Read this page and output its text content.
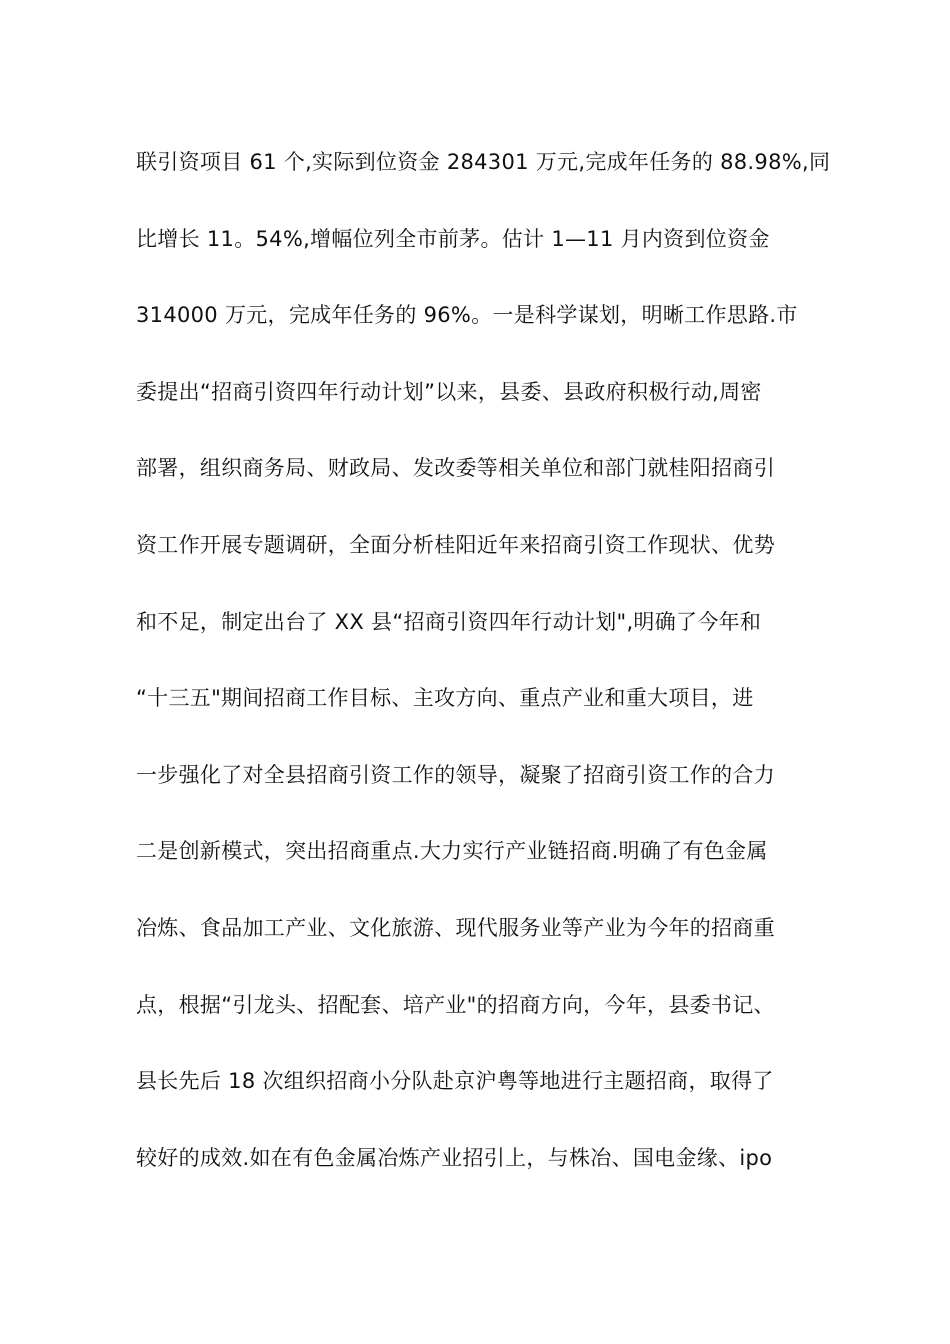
联引资项目 61 个,实际到位资金 284301 万元,完成年任务的 88.98%,同
比增长 11。54%,增幅位列全市前茅。估计 1—11 月内资到位资金
314000 万元，完成年任务的 96%。一是科学谋划，明晰工作思路.市
委提出“招商引资四年行动计划”以来，县委、县政府积极行动,周密
部署，组织商务局、财政局、发改委等相关单位和部门就桂阳招商引
资工作开展专题调研，全面分析桂阳近年来招商引资工作现状、优势
和不足，制定出台了 XX 县“招商引资四年行动计划",明确了今年和
“十三五"期间招商工作目标、主攻方向、重点产业和重大项目，进
一步强化了对全县招商引资工作的领导，凝聚了招商引资工作的合力
二是创新模式，突出招商重点.大力实行产业链招商.明确了有色金属
冶炼、食品加工产业、文化旅游、现代服务业等产业为今年的招商重
点，根据“引龙头、招配套、培产业"的招商方向，今年，县委书记、
县长先后 18 次组织招商小分队赴京沪粤等地进行主题招商，取得了
较好的成效.如在有色金属冶炼产业招引上，与株冶、国电金缘、ipo
